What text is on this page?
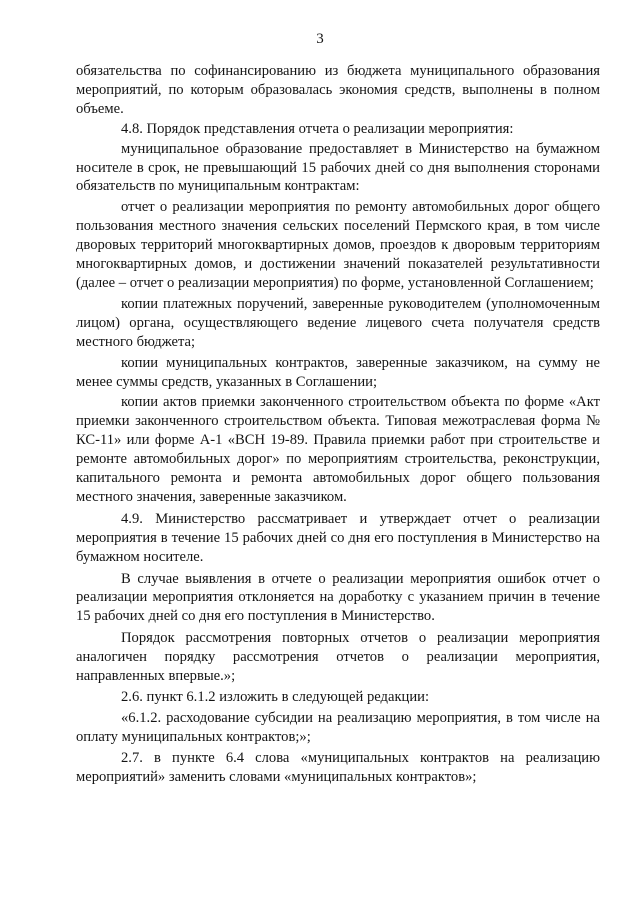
3

обязательства по софинансированию из бюджета муниципального образования мероприятий, по которым образовалась экономия средств, выполнены в полном объеме.

4.8. Порядок представления отчета о реализации мероприятия:

муниципальное образование предоставляет в Министерство на бумажном носителе в срок, не превышающий 15 рабочих дней со дня выполнения сторонами обязательств по муниципальным контрактам:

отчет о реализации мероприятия по ремонту автомобильных дорог общего пользования местного значения сельских поселений Пермского края, в том числе дворовых территорий многоквартирных домов, проездов к дворовым территориям многоквартирных домов, и достижении значений показателей результативности (далее – отчет о реализации мероприятия) по форме, установленной Соглашением;

копии платежных поручений, заверенные руководителем (уполномоченным лицом) органа, осуществляющего ведение лицевого счета получателя средств местного бюджета;

копии муниципальных контрактов, заверенные заказчиком, на сумму не менее суммы средств, указанных в Соглашении;

копии актов приемки законченного строительством объекта по форме «Акт приемки законченного строительством объекта. Типовая межотраслевая форма № КС-11» или форме А-1 «ВСН 19-89. Правила приемки работ при строительстве и ремонте автомобильных дорог» по мероприятиям строительства, реконструкции, капитального ремонта и ремонта автомобильных дорог общего пользования местного значения, заверенные заказчиком.

4.9. Министерство рассматривает и утверждает отчет о реализации мероприятия в течение 15 рабочих дней со дня его поступления в Министерство на бумажном носителе.

В случае выявления в отчете о реализации мероприятия ошибок отчет о реализации мероприятия отклоняется на доработку с указанием причин в течение 15 рабочих дней со дня его поступления в Министерство.

Порядок рассмотрения повторных отчетов о реализации мероприятия аналогичен порядку рассмотрения отчетов о реализации мероприятия, направленных впервые.»;

2.6. пункт 6.1.2 изложить в следующей редакции:

«6.1.2. расходование субсидии на реализацию мероприятия, в том числе на оплату муниципальных контрактов;»;

2.7. в пункте 6.4 слова «муниципальных контрактов на реализацию мероприятий» заменить словами «муниципальных контрактов»;
